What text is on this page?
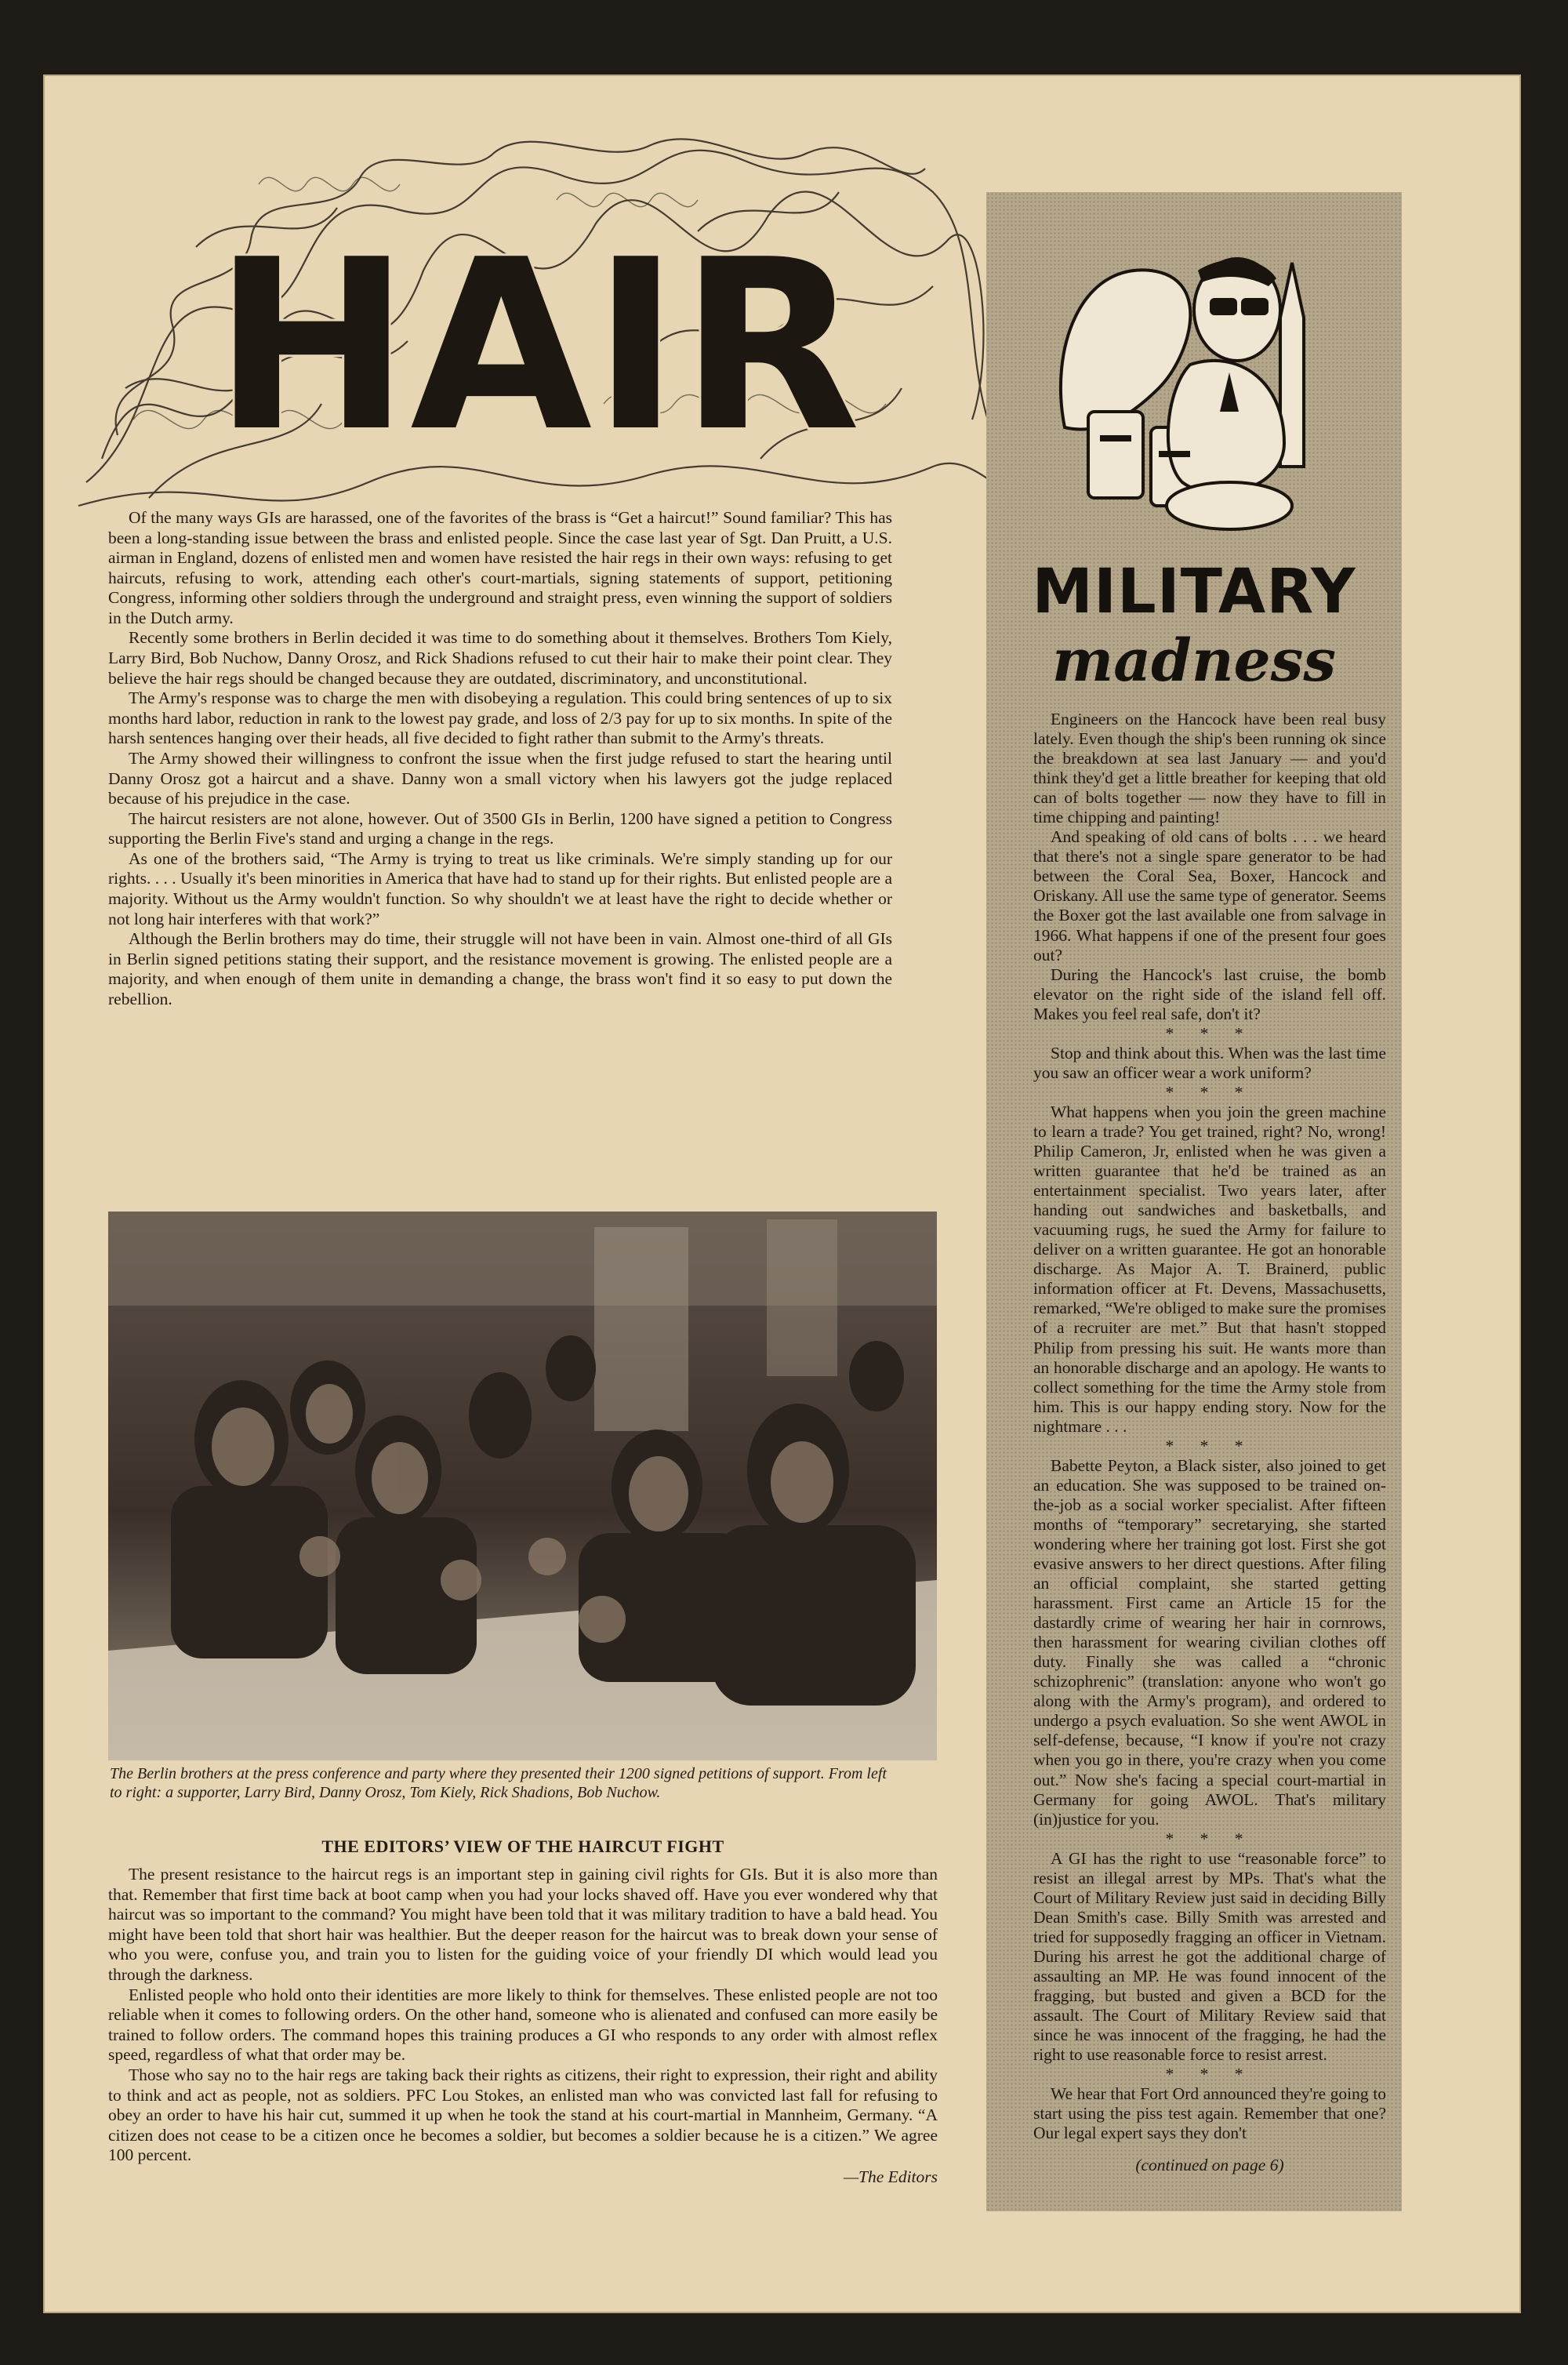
HAIR

Of the many ways GIs are harassed, one of the favorites of the brass is “Get a haircut!” Sound familiar? This has been a long-standing issue between the brass and enlisted people. Since the case last year of Sgt. Dan Pruitt, a U.S. airman in England, dozens of enlisted men and women have resisted the hair regs in their own ways: refusing to get haircuts, refusing to work, attending each other's court-martials, signing statements of support, petitioning Congress, informing other soldiers through the underground and straight press, even winning the support of soldiers in the Dutch army.

Recently some brothers in Berlin decided it was time to do something about it themselves. Brothers Tom Kiely, Larry Bird, Bob Nuchow, Danny Orosz, and Rick Shadions refused to cut their hair to make their point clear. They believe the hair regs should be changed because they are outdated, discriminatory, and unconstitutional.

The Army's response was to charge the men with disobeying a regulation. This could bring sentences of up to six months hard labor, reduction in rank to the lowest pay grade, and loss of 2/3 pay for up to six months. In spite of the harsh sentences hanging over their heads, all five decided to fight rather than submit to the Army's threats.

The Army showed their willingness to confront the issue when the first judge refused to start the hearing until Danny Orosz got a haircut and a shave. Danny won a small victory when his lawyers got the judge replaced because of his prejudice in the case.

The haircut resisters are not alone, however. Out of 3500 GIs in Berlin, 1200 have signed a petition to Congress supporting the Berlin Five's stand and urging a change in the regs.

As one of the brothers said, “The Army is trying to treat us like criminals. We're simply standing up for our rights. . . . Usually it's been minorities in America that have had to stand up for their rights. But enlisted people are a majority. Without us the Army wouldn't function. So why shouldn't we at least have the right to decide whether or not long hair interferes with that work?”

Although the Berlin brothers may do time, their struggle will not have been in vain. Almost one-third of all GIs in Berlin signed petitions stating their support, and the resistance movement is growing. The enlisted people are a majority, and when enough of them unite in demanding a change, the brass won't find it so easy to put down the rebellion.

The Berlin brothers at the press conference and party where they presented their 1200 signed petitions of support. From left to right: a supporter, Larry Bird, Danny Orosz, Tom Kiely, Rick Shadions, Bob Nuchow.
THE EDITORS’ VIEW OF THE HAIRCUT FIGHT

The present resistance to the haircut regs is an important step in gaining civil rights for GIs. But it is also more than that. Remember that first time back at boot camp when you had your locks shaved off. Have you ever wondered why that haircut was so important to the command? You might have been told that it was military tradition to have a bald head. You might have been told that short hair was healthier. But the deeper reason for the haircut was to break down your sense of who you were, confuse you, and train you to listen for the guiding voice of your friendly DI which would lead you through the darkness.

Enlisted people who hold onto their identities are more likely to think for themselves. These enlisted people are not too reliable when it comes to following orders. On the other hand, someone who is alienated and confused can more easily be trained to follow orders. The command hopes this training produces a GI who responds to any order with almost reflex speed, regardless of what that order may be.

Those who say no to the hair regs are taking back their rights as citizens, their right to expression, their right and ability to think and act as people, not as soldiers. PFC Lou Stokes, an enlisted man who was convicted last fall for refusing to obey an order to have his hair cut, summed it up when he took the stand at his court-martial in Mannheim, Germany. “A citizen does not cease to be a citizen once he becomes a soldier, but becomes a soldier because he is a citizen.” We agree 100 percent.

—The Editors
MILITARY
madness

Engineers on the Hancock have been real busy lately. Even though the ship's been running ok since the breakdown at sea last January — and you'd think they'd get a little breather for keeping that old can of bolts together — now they have to fill in time chipping and painting!

And speaking of old cans of bolts . . . we heard that there's not a single spare generator to be had between the Coral Sea, Boxer, Hancock and Oriskany. All use the same type of generator. Seems the Boxer got the last available one from salvage in 1966. What happens if one of the present four goes out?

During the Hancock's last cruise, the bomb elevator on the right side of the island fell off. Makes you feel real safe, don't it?

* * *

Stop and think about this. When was the last time you saw an officer wear a work uniform?

* * *

What happens when you join the green machine to learn a trade? You get trained, right? No, wrong! Philip Cameron, Jr, enlisted when he was given a written guarantee that he'd be trained as an entertainment specialist. Two years later, after handing out sandwiches and basketballs, and vacuuming rugs, he sued the Army for failure to deliver on a written guarantee. He got an honorable discharge. As Major A. T. Brainerd, public information officer at Ft. Devens, Massachusetts, remarked, “We're obliged to make sure the promises of a recruiter are met.” But that hasn't stopped Philip from pressing his suit. He wants more than an honorable discharge and an apology. He wants to collect something for the time the Army stole from him. This is our happy ending story. Now for the nightmare . . .

* * *

Babette Peyton, a Black sister, also joined to get an education. She was supposed to be trained on-the-job as a social worker specialist. After fifteen months of “temporary” secretarying, she started wondering where her training got lost. First she got evasive answers to her direct questions. After filing an official complaint, she started getting harassment. First came an Article 15 for the dastardly crime of wearing her hair in cornrows, then harassment for wearing civilian clothes off duty. Finally she was called a “chronic schizophrenic” (translation: anyone who won't go along with the Army's program), and ordered to undergo a psych evaluation. So she went AWOL in self-defense, because, “I know if you're not crazy when you go in there, you're crazy when you come out.” Now she's facing a special court-martial in Germany for going AWOL. That's military (in)justice for you.

* * *

A GI has the right to use “reasonable force” to resist an illegal arrest by MPs. That's what the Court of Military Review just said in deciding Billy Dean Smith's case. Billy Smith was arrested and tried for supposedly fragging an officer in Vietnam. During his arrest he got the additional charge of assaulting an MP. He was found innocent of the fragging, but busted and given a BCD for the assault. The Court of Military Review said that since he was innocent of the fragging, he had the right to use reasonable force to resist arrest.

* * *

We hear that Fort Ord announced they're going to start using the piss test again. Remember that one? Our legal expert says they don't

(continued on page 6)
